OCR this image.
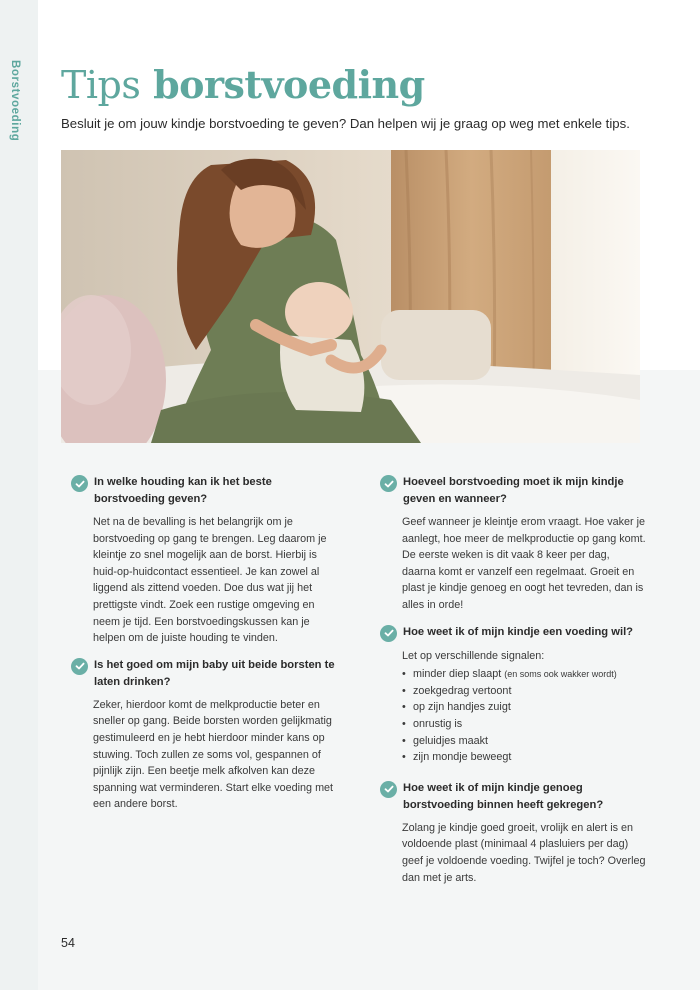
Borstvoeding Tips borstvoeding

Besluit je om jouw kindje borstvoeding te geven? Dan helpen wij je graag op weg met enkele tips.

In welke houding kan ik het beste borstvoeding geven?

Net na de bevalling is het belangrijk om je borstvoeding op gang te brengen. Leg daarom je kleintje zo snel mogelijk aan de borst. Hierbij is huid-op-huidcontact essentieel. Je kan zowel al liggend als zittend voeden. Doe dus wat jij het prettigste vindt. Zoek een rustige omgeving en neem je tijd. Een borstvoedingskussen kan je helpen om de juiste houding te vinden.

Is het goed om mijn baby uit beide borsten te laten drinken?

Zeker, hierdoor komt de melkproductie beter en sneller op gang. Beide borsten worden gelijkmatig gestimuleerd en je hebt hierdoor minder kans op stuwing. Toch zullen ze soms vol, gespannen of pijnlijk zijn. Een beetje melk afkolven kan deze spanning wat verminderen. Start elke voeding met een andere borst.

Hoeveel borstvoeding moet ik mijn kindje geven en wanneer?

Geef wanneer je kleintje erom vraagt. Hoe vaker je aanlegt, hoe meer de melkproductie op gang komt. De eerste weken is dit vaak 8 keer per dag, daarna komt er vanzelf een regelmaat. Groeit en plast je kindje genoeg en oogt het tevreden, dan is alles in orde!

Hoe weet ik of mijn kindje een voeding wil?

Let op verschillende signalen:

• minder diep slaapt (en soms ook wakker wordt)
• zoekgedrag vertoont
• op zijn handjes zuigt
• onrustig is
• geluidjes maakt
• zijn mondje beweegt
Hoe weet ik of mijn kindje genoeg borstvoeding binnen heeft gekregen?

Zolang je kindje goed groeit, vrolijk en alert is en voldoende plast (minimaal 4 plasluiers per dag) geef je voldoende voeding. Twijfel je toch? Overleg dan met je arts.

54
